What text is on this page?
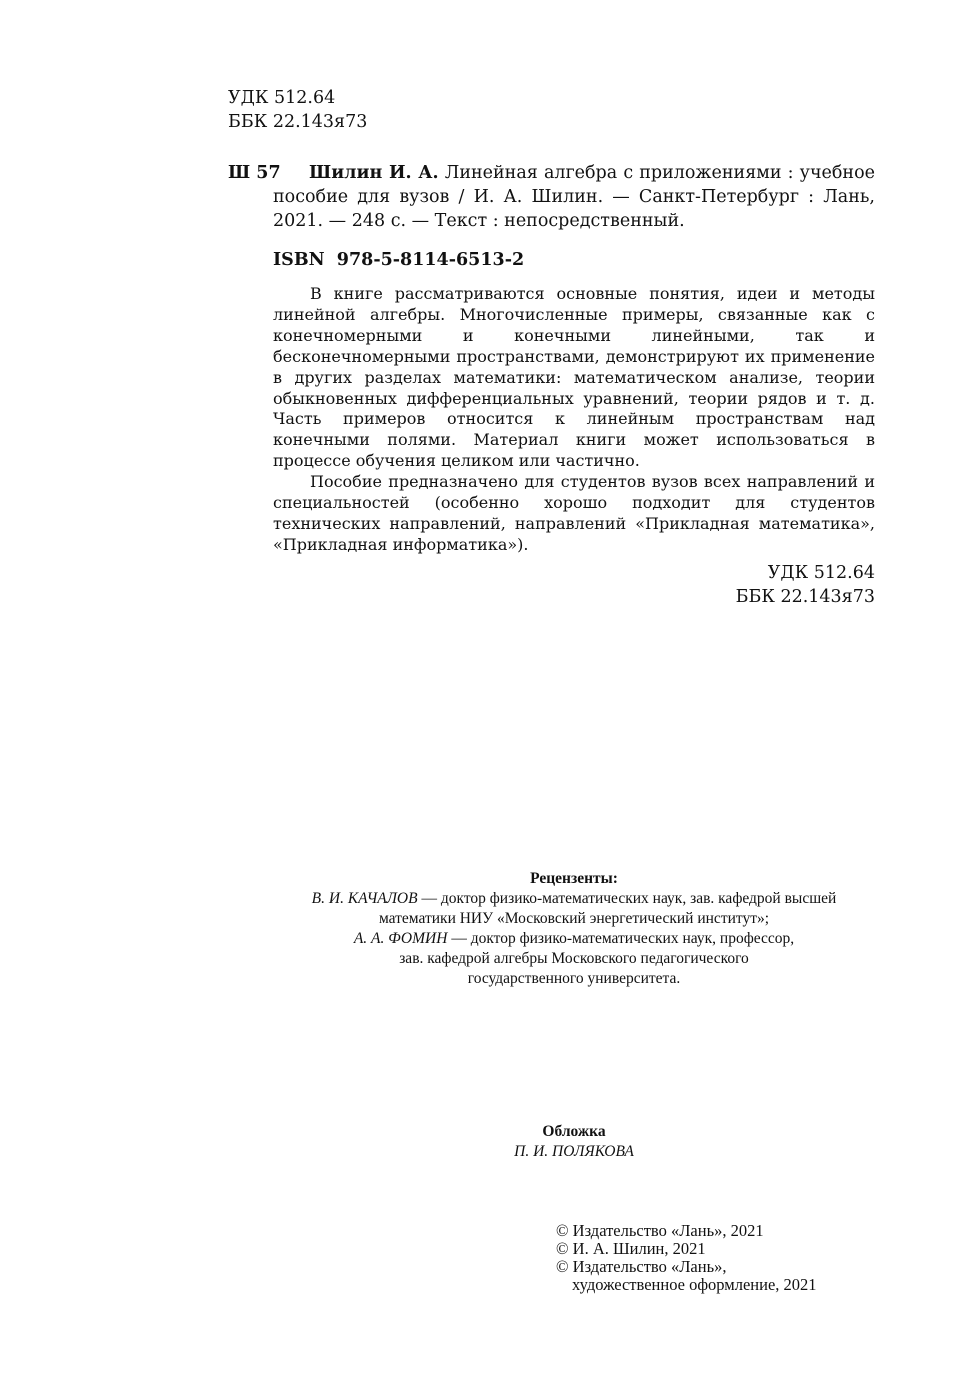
УДК 512.64
ББК 22.143я73
Ш 57 Шилин И. А. Линейная алгебра с приложениями : учебное
пособие для вузов / И. А. Шилин. — Санкт-Петербург : Лань,
2021. — 248 с. — Текст : непосредственный.
ISBN  978-5-8114-6513-2

В книге рассматриваются основные понятия, идеи и методы линейной алгебры. Многочисленные примеры, связанные как с конечномерными и конечными линейными, так и бесконечномерными пространствами, демонстрируют их применение в других разделах математики: математическом анализе, теории обыкновенных дифференциальных уравнений, теории рядов и т. д. Часть примеров относится к линейным пространствам над конечными полями. Материал книги может использоваться в процессе обучения целиком или частично.

Пособие предназначено для студентов вузов всех направлений и специальностей (особенно хорошо подходит для студентов технических направлений, направлений «Прикладная математика», «Прикладная информатика»).

УДК 512.64
ББК 22.143я73
Рецензенты:
В. И. КАЧАЛОВ — доктор физико-математических наук, зав. кафедрой высшей
математики НИУ «Московский энергетический институт»;
А. А. ФОМИН — доктор физико-математических наук, профессор,
зав. кафедрой алгебры Московского педагогического
государственного университета.
Обложка
П. И. ПОЛЯКОВА
© Издательство «Лань», 2021
© И. А. Шилин, 2021
© Издательство «Лань»,
художественное оформление, 2021
